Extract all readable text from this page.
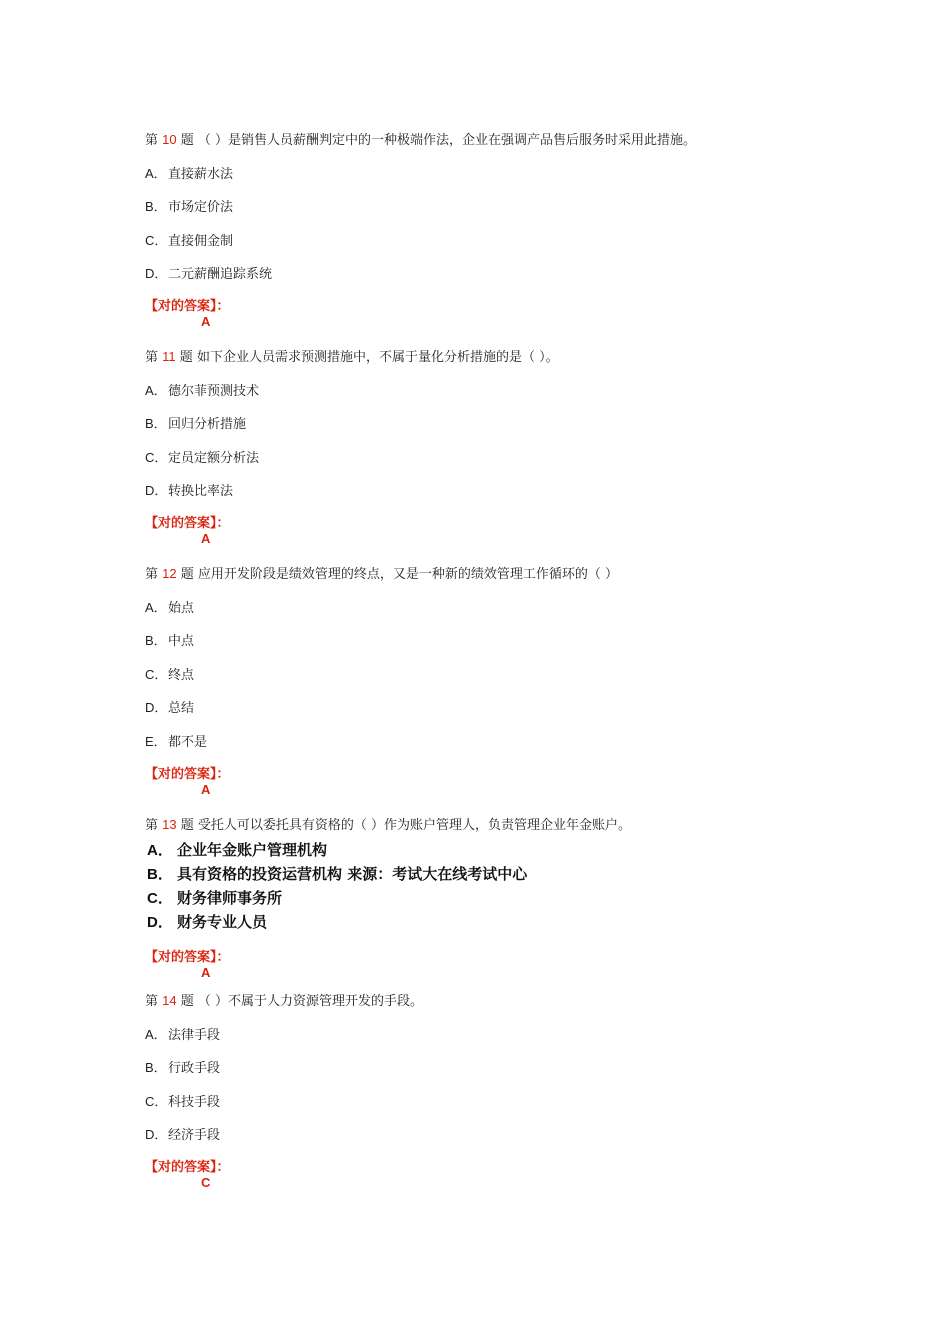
第 10 题 （ ）是销售人员薪酬判定中的一种极端作法，企业在强调产品售后服务时采用此措施。
A．直接薪水法
B．市场定价法
C．直接佣金制
D．二元薪酬追踪系统
【对的答案】：
A
第 11 题 如下企业人员需求预测措施中，不属于量化分析措施的是（ ）。
A．德尔菲预测技术
B．回归分析措施
C．定员定额分析法
D．转换比率法
【对的答案】：
A
第 12 题 应用开发阶段是绩效管理的终点，又是一种新的绩效管理工作循环的（ ）
A．始点
B．中点
C．终点
D．总结
E．都不是
【对的答案】：
A
第 13 题 受托人可以委托具有资格的（ ）作为账户管理人，负责管理企业年金账户。
A． 企业年金账户管理机构
B． 具有资格的投资运营机构 来源：考试大在线考试中心
C． 财务律师事务所
D． 财务专业人员
【对的答案】：
A
第 14 题 （ ）不属于人力资源管理开发的手段。
A．法律手段
B．行政手段
C．科技手段
D．经济手段
【对的答案】：
C
